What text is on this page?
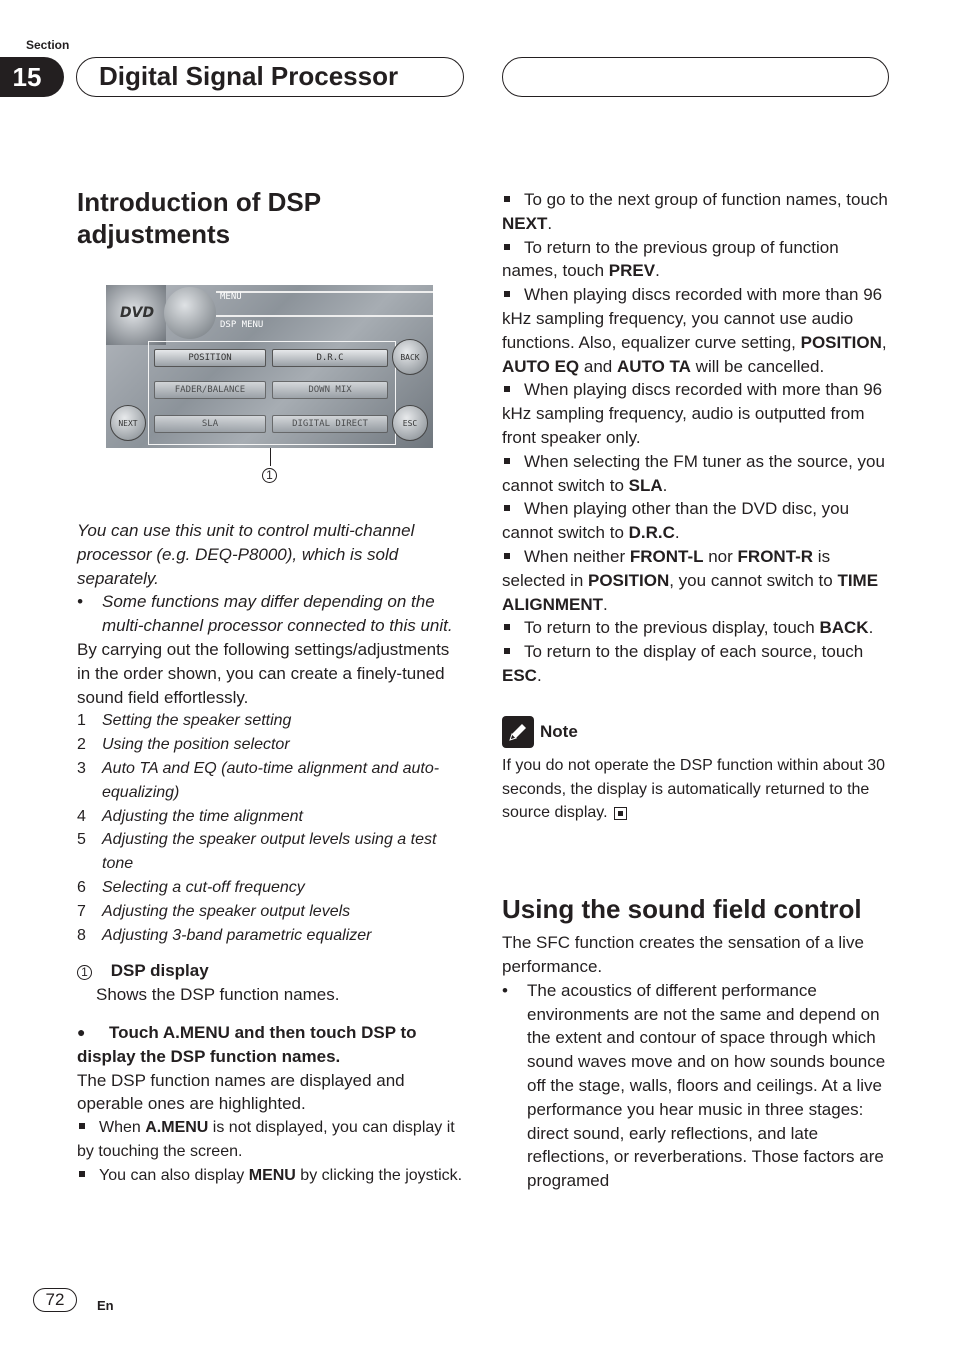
Section
15	Digital Signal Processor
Introduction of DSP adjustments
DVD
MENU
DSP MENU
POSITION	D.R.C
FADER/BALANCE	DOWN MIX
SLA	DIGITAL DIRECT
BACK
NEXT	ESC
1

You can use this unit to control multi-channel processor (e.g. DEQ-P8000), which is sold separately.

•	Some functions may differ depending on the multi-channel processor connected to this unit.

By carrying out the following settings/adjustments in the order shown, you can create a finely-tuned sound field effortlessly.

1	Setting the speaker setting
2	Using the position selector
3	Auto TA and EQ (auto-time alignment and auto-equalizing)
4	Adjusting the time alignment
5	Adjusting the speaker output levels using a test tone
6	Selecting a cut-off frequency
7	Adjusting the speaker output levels
8	Adjusting 3-band parametric equalizer
1 DSP display
Shows the DSP function names.
●	Touch A.MENU and then touch DSP to display the DSP function names.

The DSP function names are displayed and operable ones are highlighted.

When A.MENU is not displayed, you can display it by touching the screen.

You can also display MENU by clicking the joystick.

To go to the next group of function names, touch NEXT.

To return to the previous group of function names, touch PREV.

When playing discs recorded with more than 96 kHz sampling frequency, you cannot use audio functions. Also, equalizer curve setting, POSITION, AUTO EQ and AUTO TA will be cancelled.

When playing discs recorded with more than 96 kHz sampling frequency, audio is outputted from front speaker only.

When selecting the FM tuner as the source, you cannot switch to SLA.

When playing other than the DVD disc, you cannot switch to D.R.C.

When neither FRONT-L nor FRONT-R is selected in POSITION, you cannot switch to TIME ALIGNMENT.

To return to the previous display, touch BACK.

To return to the display of each source, touch ESC.

Note

If you do not operate the DSP function within about 30 seconds, the display is automatically returned to the source display.

Using the sound field control

The SFC function creates the sensation of a live performance.

•	The acoustics of different performance environments are not the same and depend on the extent and contour of space through which sound waves move and on how sounds bounce off the stage, walls, floors and ceilings. At a live performance you hear music in three stages: direct sound, early reflections, and late reflections, or reverberations. Those factors are programed
72	En
